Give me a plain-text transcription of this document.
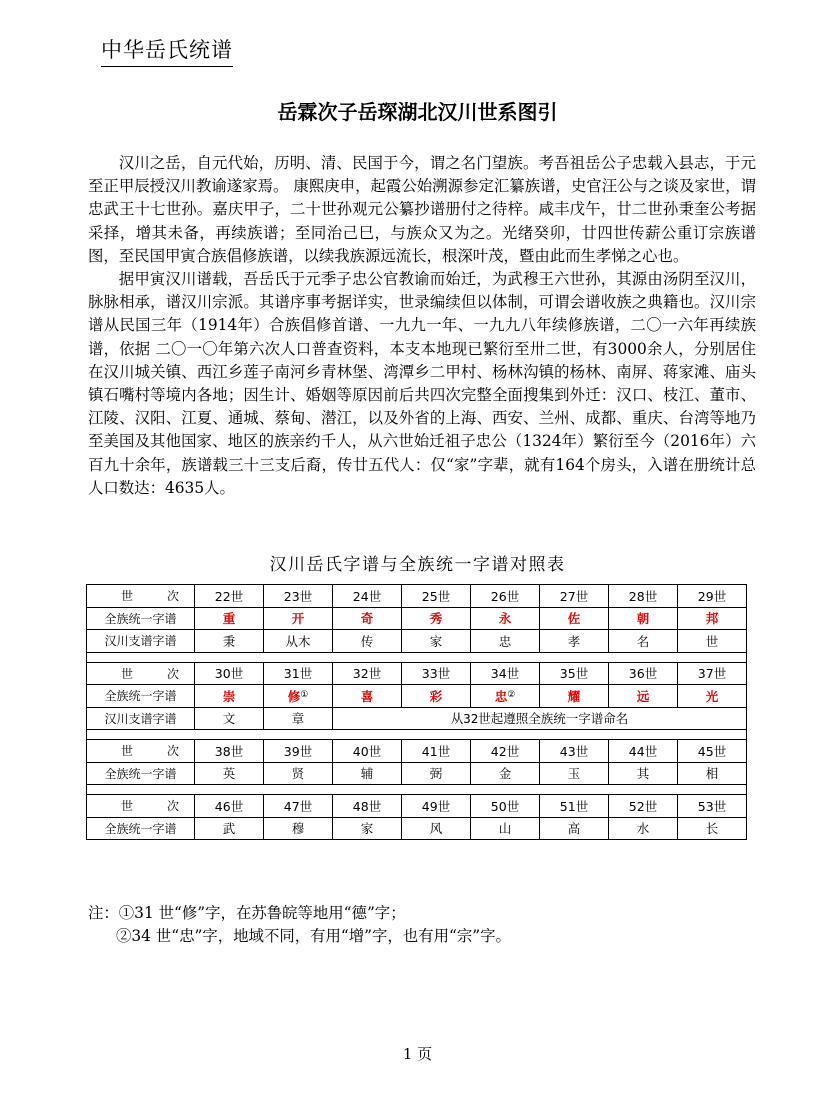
中华岳氏统谱
岳霖次子岳琛湖北汉川世系图引

汉川之岳，自元代始，历明、清、民国于今，谓之名门望族。考吾祖岳公子忠载入县志，于元至正甲辰授汉川教谕遂家焉。 康熙庚申，起霞公始溯源参定汇纂族谱，史官汪公与之谈及家世，谓忠武王十七世孙。嘉庆甲子，二十世孙观元公纂抄谱册付之待梓。咸丰戊午，廿二世孙秉奎公考据采择，增其未备，再续族谱；至同治己巳，与族众又为之。光绪癸卯，廿四世传薪公重订宗族谱图，至民国甲寅合族倡修族谱，以续我族源远流长，根深叶茂，暨由此而生孝悌之心也。

据甲寅汉川谱载，吾岳氏于元季子忠公官教谕而始迁，为武穆王六世孙，其源由汤阴至汉川，脉脉相承，谱汉川宗派。其谱序事考据详实，世录编续但以体制，可谓会谱收族之典籍也。汉川宗谱从民国三年（1914年）合族倡修首谱、一九九一年、一九九八年续修族谱，二〇一六年再续族谱，依据 二〇一〇年第六次人口普查资料，本支本地现已繁衍至卅二世，有3000余人，分别居住在汉川城关镇、西江乡莲子南河乡青林堡、湾潭乡二甲村、杨林沟镇的杨林、南屏、蒋家滩、庙头镇石嘴村等境内各地；因生计、婚姻等原因前后共四次完整全面搜集到外迁：汉口、枝江、董市、江陵、汉阳、江夏、通城、蔡甸、潜江，以及外省的上海、西安、兰州、成都、重庆、台湾等地乃至美国及其他国家、地区的族亲约千人，从六世始迁祖子忠公（1324年）繁衍至今（2016年）六百九十余年，族谱载三十三支后裔，传廿五代人：仅“家”字辈，就有164个房头，入谱在册统计总人口数达：4635人。

汉川岳氏字谱与全族统一字谱对照表
世次	22世	23世	24世	25世	26世	27世	28世	29世
全族统一字谱	重	开	奇	秀	永	佐	朝	邦
汉川支谱字谱	秉	从木	传	家	忠	孝	名	世

世次	30世	31世	32世	33世	34世	35世	36世	37世
全族统一字谱	崇	修①	喜	彩	忠②	耀	远	光
汉川支谱字谱	文	章	从32世起遵照全族统一字谱命名					

世次	38世	39世	40世	41世	42世	43世	44世	45世
全族统一字谱	英	贤	辅	弼	金	玉	其	相

世次	46世	47世	48世	49世	50世	51世	52世	53世
全族统一字谱	武	穆	家	风	山	高	水	长
注：①31 世“修”字，在苏鲁皖等地用“德”字；
②34 世“忠”字，地域不同，有用“增”字，也有用“宗”字。
1 页
